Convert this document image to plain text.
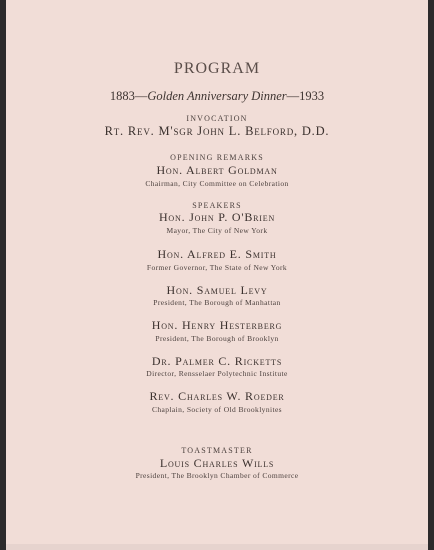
PROGRAM
1883—Golden Anniversary Dinner—1933
INVOCATION
Rt. Rev. M'sgr John L. Belford, D.D.
OPENING REMARKS
Hon. Albert Goldman
Chairman, City Committee on Celebration
SPEAKERS
Hon. John P. O'Brien
Mayor, The City of New York
Hon. Alfred E. Smith
Former Governor, The State of New York
Hon. Samuel Levy
President, The Borough of Manhattan
Hon. Henry Hesterberg
President, The Borough of Brooklyn
Dr. Palmer C. Ricketts
Director, Rensselaer Polytechnic Institute
Rev. Charles W. Roeder
Chaplain, Society of Old Brooklynites
TOASTMASTER
Louis Charles Wills
President, The Brooklyn Chamber of Commerce
